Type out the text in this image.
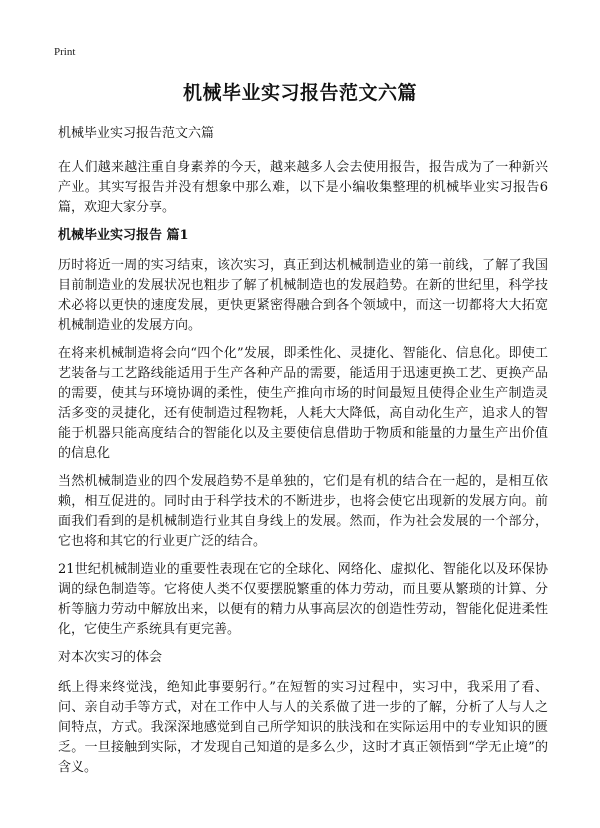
Print
机械毕业实习报告范文六篇

机械毕业实习报告范文六篇

在人们越来越注重自身素养的今天，越来越多人会去使用报告，报告成为了一种新兴产业。其实写报告并没有想象中那么难，以下是小编收集整理的机械毕业实习报告6篇，欢迎大家分享。

机械毕业实习报告 篇1

历时将近一周的实习结束，该次实习，真正到达机械制造业的第一前线，了解了我国目前制造业的发展状况也粗步了解了机械制造也的发展趋势。在新的世纪里，科学技术必将以更快的速度发展，更快更紧密得融合到各个领域中，而这一切都将大大拓宽机械制造业的发展方向。

在将来机械制造将会向“四个化”发展，即柔性化、灵捷化、智能化、信息化。即使工艺装备与工艺路线能适用于生产各种产品的需要，能适用于迅速更换工艺、更换产品的需要，使其与环境协调的柔性，使生产推向市场的时间最短且使得企业生产制造灵活多变的灵捷化，还有使制造过程物耗，人耗大大降低，高自动化生产，追求人的智能于机器只能高度结合的智能化以及主要使信息借助于物质和能量的力量生产出价值的信息化

当然机械制造业的四个发展趋势不是单独的，它们是有机的结合在一起的，是相互依赖，相互促进的。同时由于科学技术的不断进步，也将会使它出现新的发展方向。前面我们看到的是机械制造行业其自身线上的发展。然而，作为社会发展的一个部分，它也将和其它的行业更广泛的结合。

21世纪机械制造业的重要性表现在它的全球化、网络化、虚拟化、智能化以及环保协调的绿色制造等。它将使人类不仅要摆脱繁重的体力劳动，而且要从繁琐的计算、分析等脑力劳动中解放出来，以便有的精力从事高层次的创造性劳动，智能化促进柔性化，它使生产系统具有更完善。

对本次实习的体会

纸上得来终觉浅，绝知此事要躬行。”在短暂的实习过程中，实习中，我采用了看、问、亲自动手等方式，对在工作中人与人的关系做了进一步的了解，分析了人与人之间特点，方式。我深深地感觉到自己所学知识的肤浅和在实际运用中的专业知识的匮乏。一旦接触到实际，才发现自己知道的是多么少，这时才真正领悟到“学无止境”的含义。
